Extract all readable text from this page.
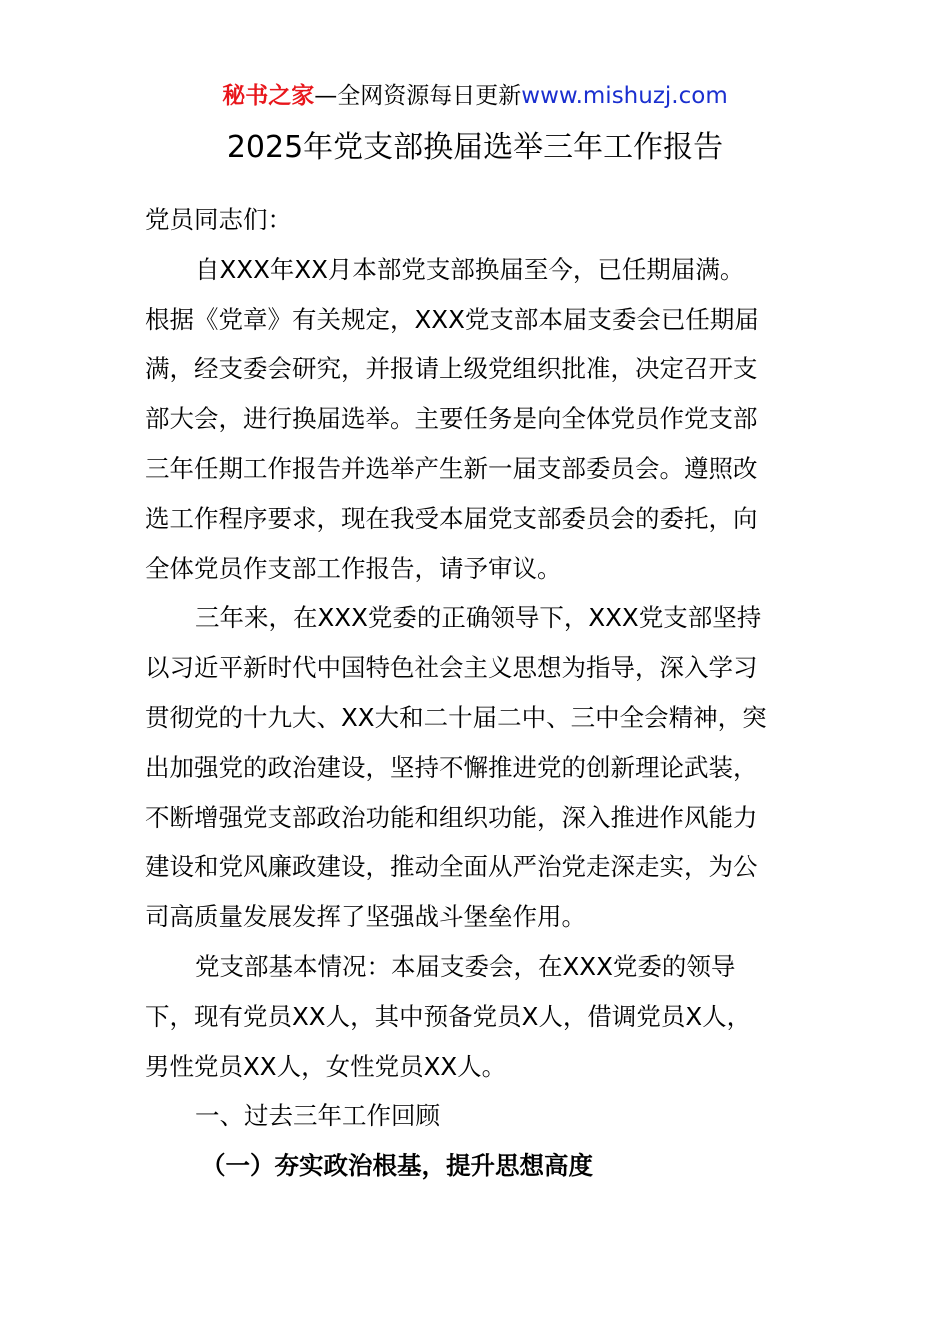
秘书之家—全网资源每日更新www.mishuzj.com
2025年党支部换届选举三年工作报告
党员同志们：
自XXX年XX月本部党支部换届至今，已任期届满。
根据《党章》有关规定，XXX党支部本届支委会已任期届
满，经支委会研究，并报请上级党组织批准，决定召开支
部大会，进行换届选举。主要任务是向全体党员作党支部
三年任期工作报告并选举产生新一届支部委员会。遵照改
选工作程序要求，现在我受本届党支部委员会的委托，向
全体党员作支部工作报告，请予审议。
三年来，在XXX党委的正确领导下，XXX党支部坚持
以习近平新时代中国特色社会主义思想为指导，深入学习
贯彻党的十九大、XX大和二十届二中、三中全会精神，突
出加强党的政治建设，坚持不懈推进党的创新理论武装，
不断增强党支部政治功能和组织功能，深入推进作风能力
建设和党风廉政建设，推动全面从严治党走深走实，为公
司高质量发展发挥了坚强战斗堡垒作用。
党支部基本情况：本届支委会，在XXX党委的领导
下，现有党员XX人，其中预备党员X人，借调党员X人，
男性党员XX人，女性党员XX人。
一、过去三年工作回顾
（一）夯实政治根基，提升思想高度
